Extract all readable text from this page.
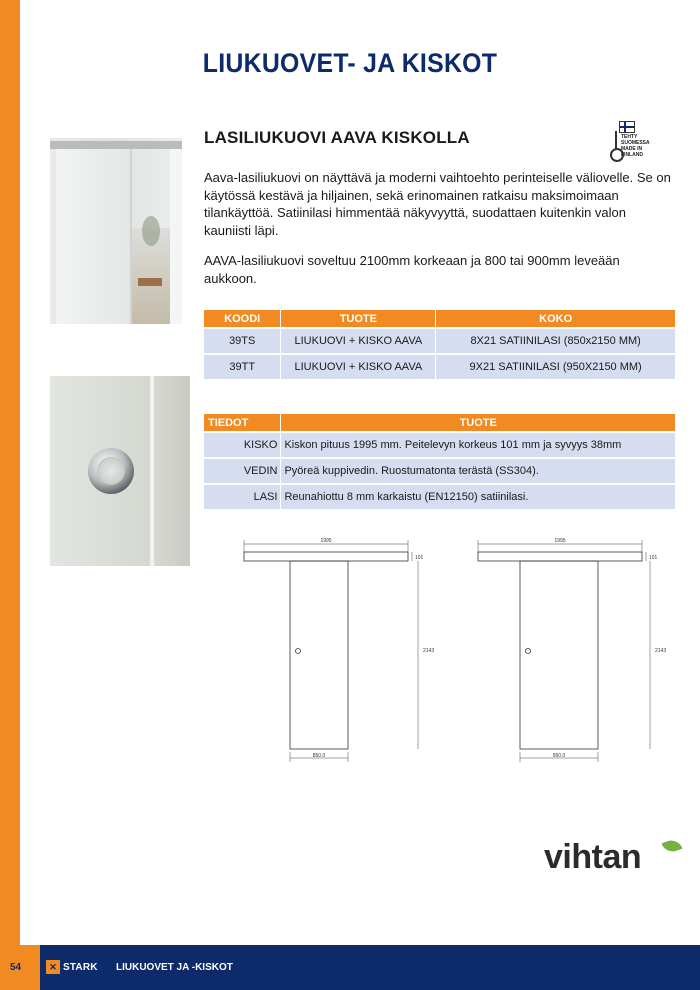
LIUKUOVET- JA KISKOT
LASILIUKUOVI AAVA KISKOLLA	TEHTY SUOMESSA
MADE IN FINLAND

Aava-lasiliukuovi on näyttävä ja moderni vaihtoehto perinteiselle väliovelle. Se on käytössä kestävä ja hiljainen, sekä erinomainen ratkaisu maksimoimaan tilankäyttöä. Satiinilasi himmentää näkyvyyttä, suodattaen kuitenkin valon kauniisti läpi.

AAVA-lasiliukuovi soveltuu 2100mm korkeaan ja 800 tai 900mm leveään aukkoon.

KOODI	TUOTE	KOKO
39TS	LIUKUOVI + KISKO AAVA	8X21 SATIINILASI (850x2150 MM)
39TT	LIUKUOVI + KISKO AAVA	9X21 SATIINILASI (950X2150 MM)
TIEDOT	TUOTE
KISKO	Kiskon pituus 1995 mm. Peitelevyn korkeus 101 mm ja syvyys 38mm
VEDIN	Pyöreä kuppivedin. Ruostumatonta terästä (SS304).
LASI	Reunahiottu 8 mm karkaistu (EN12150) satiinilasi.
1995
101
2143
850.0
1995
101
2143
950.0
vihtan
54	✕ STARK LIUKUOVET JA -KISKOT
